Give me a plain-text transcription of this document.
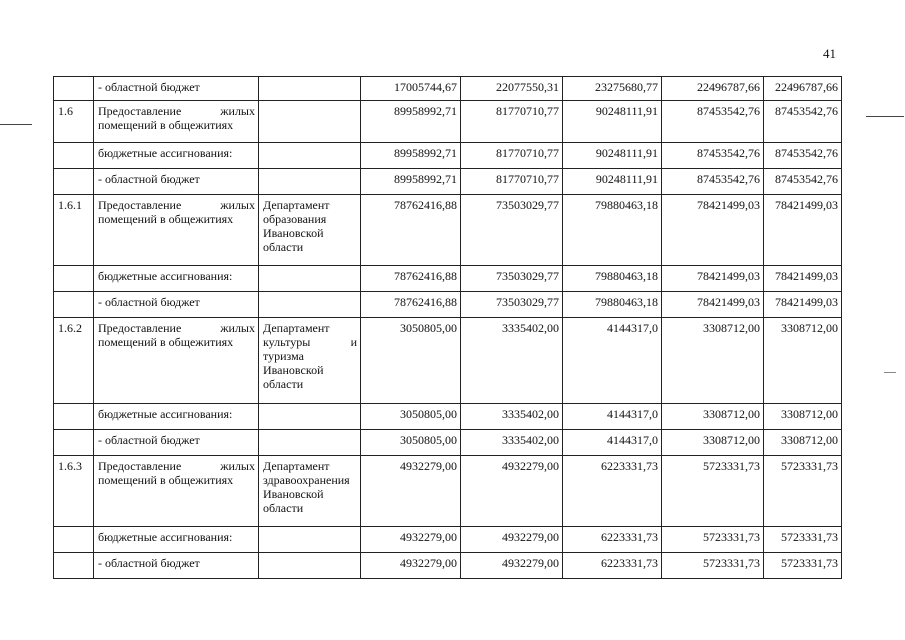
41
	- областной бюджет		17005744,67	22077550,31	23275680,77	22496787,66	22496787,66
1.6	Предоставление жилых помещений в общежитиях		89958992,71	81770710,77	90248111,91	87453542,76	87453542,76
	бюджетные ассигнования:		89958992,71	81770710,77	90248111,91	87453542,76	87453542,76
	- областной бюджет		89958992,71	81770710,77	90248111,91	87453542,76	87453542,76
1.6.1	Предоставление жилых помещений в общежитиях	Департамент образования Ивановской области	78762416,88	73503029,77	79880463,18	78421499,03	78421499,03
	бюджетные ассигнования:		78762416,88	73503029,77	79880463,18	78421499,03	78421499,03
	- областной бюджет		78762416,88	73503029,77	79880463,18	78421499,03	78421499,03
1.6.2	Предоставление жилых помещений в общежитиях	Департамент культуры и туризма Ивановской области	3050805,00	3335402,00	4144317,0	3308712,00	3308712,00
	бюджетные ассигнования:		3050805,00	3335402,00	4144317,0	3308712,00	3308712,00
	- областной бюджет		3050805,00	3335402,00	4144317,0	3308712,00	3308712,00
1.6.3	Предоставление жилых помещений в общежитиях	Департамент здравоохранения Ивановской области	4932279,00	4932279,00	6223331,73	5723331,73	5723331,73
	бюджетные ассигнования:		4932279,00	4932279,00	6223331,73	5723331,73	5723331,73
	- областной бюджет		4932279,00	4932279,00	6223331,73	5723331,73	5723331,73
